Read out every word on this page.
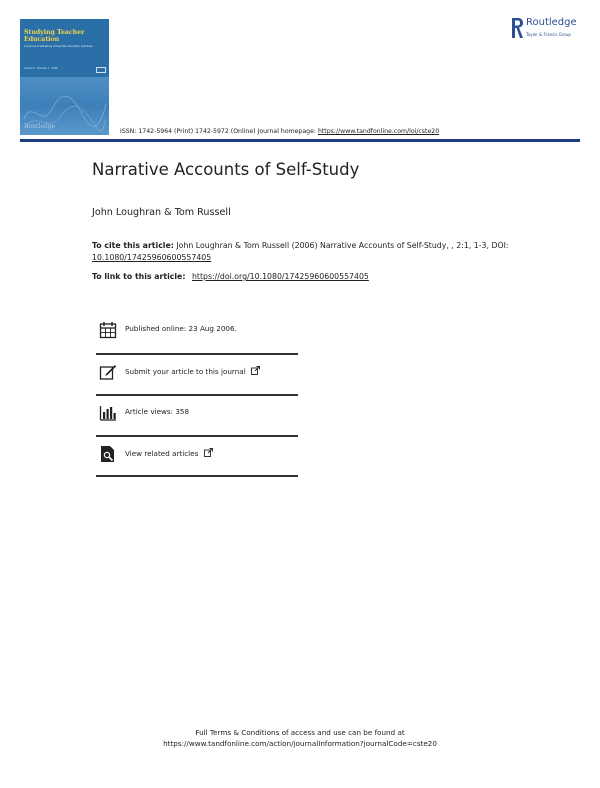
Studying Teacher Education
A journal of self-study of teacher education practices
Volume 2 · Number 1 · 2006
Routledge
Routledge
Taylor & Francis Group
ISSN: 1742-5964 (Print) 1742-5972 (Online) Journal homepage: https://www.tandfonline.com/loi/cste20
Narrative Accounts of Self-Study
John Loughran & Tom Russell
To cite this article: John Loughran & Tom Russell (2006) Narrative Accounts of Self-Study, , 2:1, 1-3, DOI: 10.1080/17425960600557405
To link to this article: https://doi.org/10.1080/17425960600557405
Published online: 23 Aug 2006.
Submit your article to this journal
Article views: 358
View related articles
Full Terms & Conditions of access and use can be found at
https://www.tandfonline.com/action/journalInformation?journalCode=cste20
